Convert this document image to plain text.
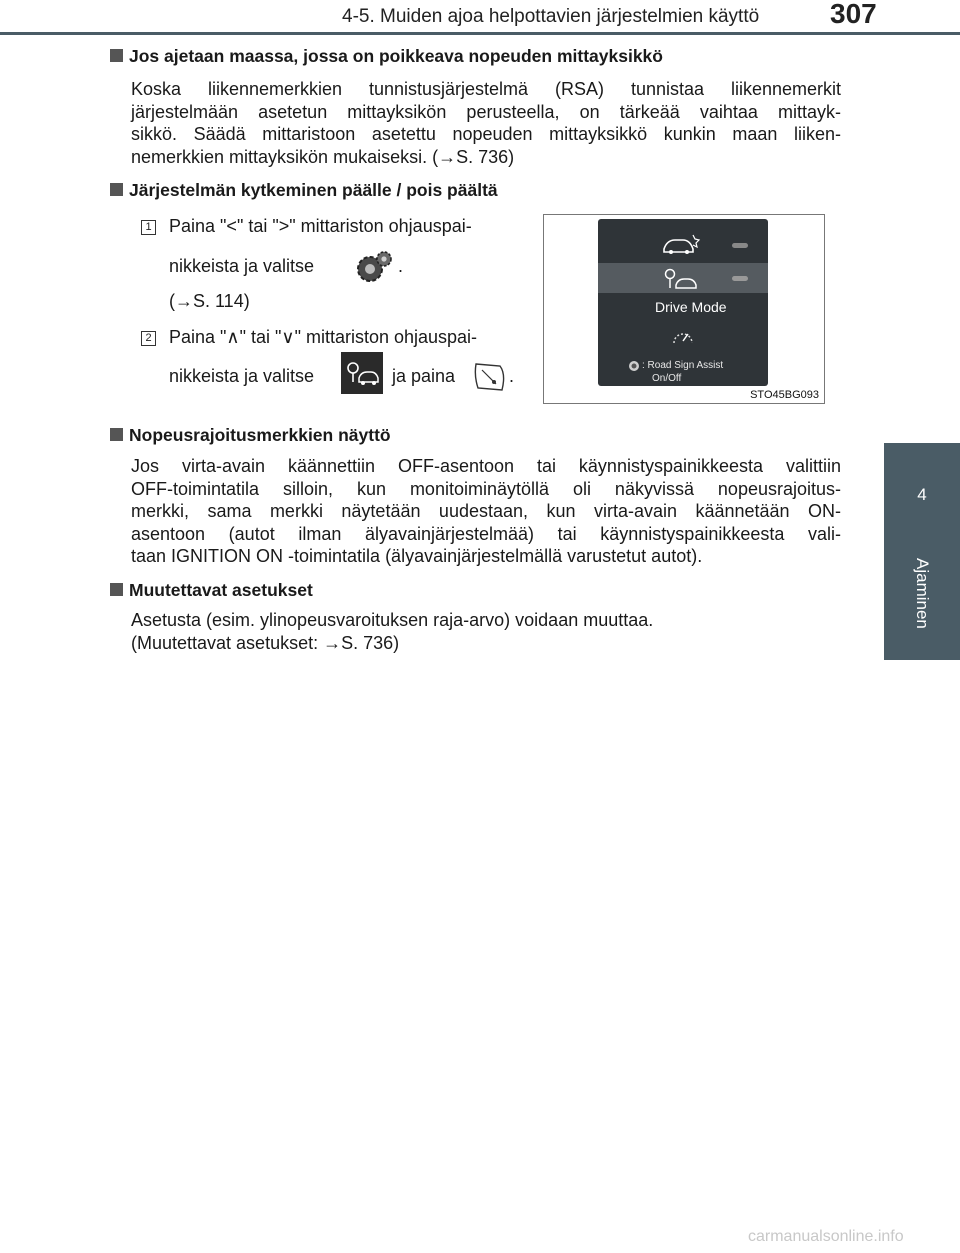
4-5. Muiden ajoa helpottavien järjestelmien käyttö	307
4
Ajaminen
Jos ajetaan maassa, jossa on poikkeava nopeuden mittayksikkö
Koska liikennemerkkien tunnistusjärjestelmä (RSA) tunnistaa liikennemerkit
järjestelmään asetetun mittayksikön perusteella, on tärkeää vaihtaa mittayk-
sikkö. Säädä mittaristoon asetettu nopeuden mittayksikkö kunkin maan liiken-
nemerkkien mittayksikön mukaiseksi. (→S. 736)
Järjestelmän kytkeminen päälle / pois päältä
1 Paina "<" tai ">" mittariston ohjauspai-
nikkeista ja valitse	.
(→S. 114)
2 Paina "∧" tai "∨" mittariston ohjauspai-
nikkeista ja valitse	ja paina	.
Drive Mode
: Road Sign Assist
On/Off
STO45BG093
Nopeusrajoitusmerkkien näyttö
Jos virta-avain käännettiin OFF-asentoon tai käynnistyspainikkeesta valittiin
OFF-toimintatila silloin, kun monitoiminäytöllä oli näkyvissä nopeusrajoitus-
merkki, sama merkki näytetään uudestaan, kun virta-avain käännetään ON-
asentoon (autot ilman älyavainjärjestelmää) tai käynnistyspainikkeesta vali-
taan IGNITION ON -toimintatila (älyavainjärjestelmällä varustetut autot).
Muutettavat asetukset
Asetusta (esim. ylinopeusvaroituksen raja-arvo) voidaan muuttaa.
(Muutettavat asetukset: →S. 736)
carmanualsonline.info
